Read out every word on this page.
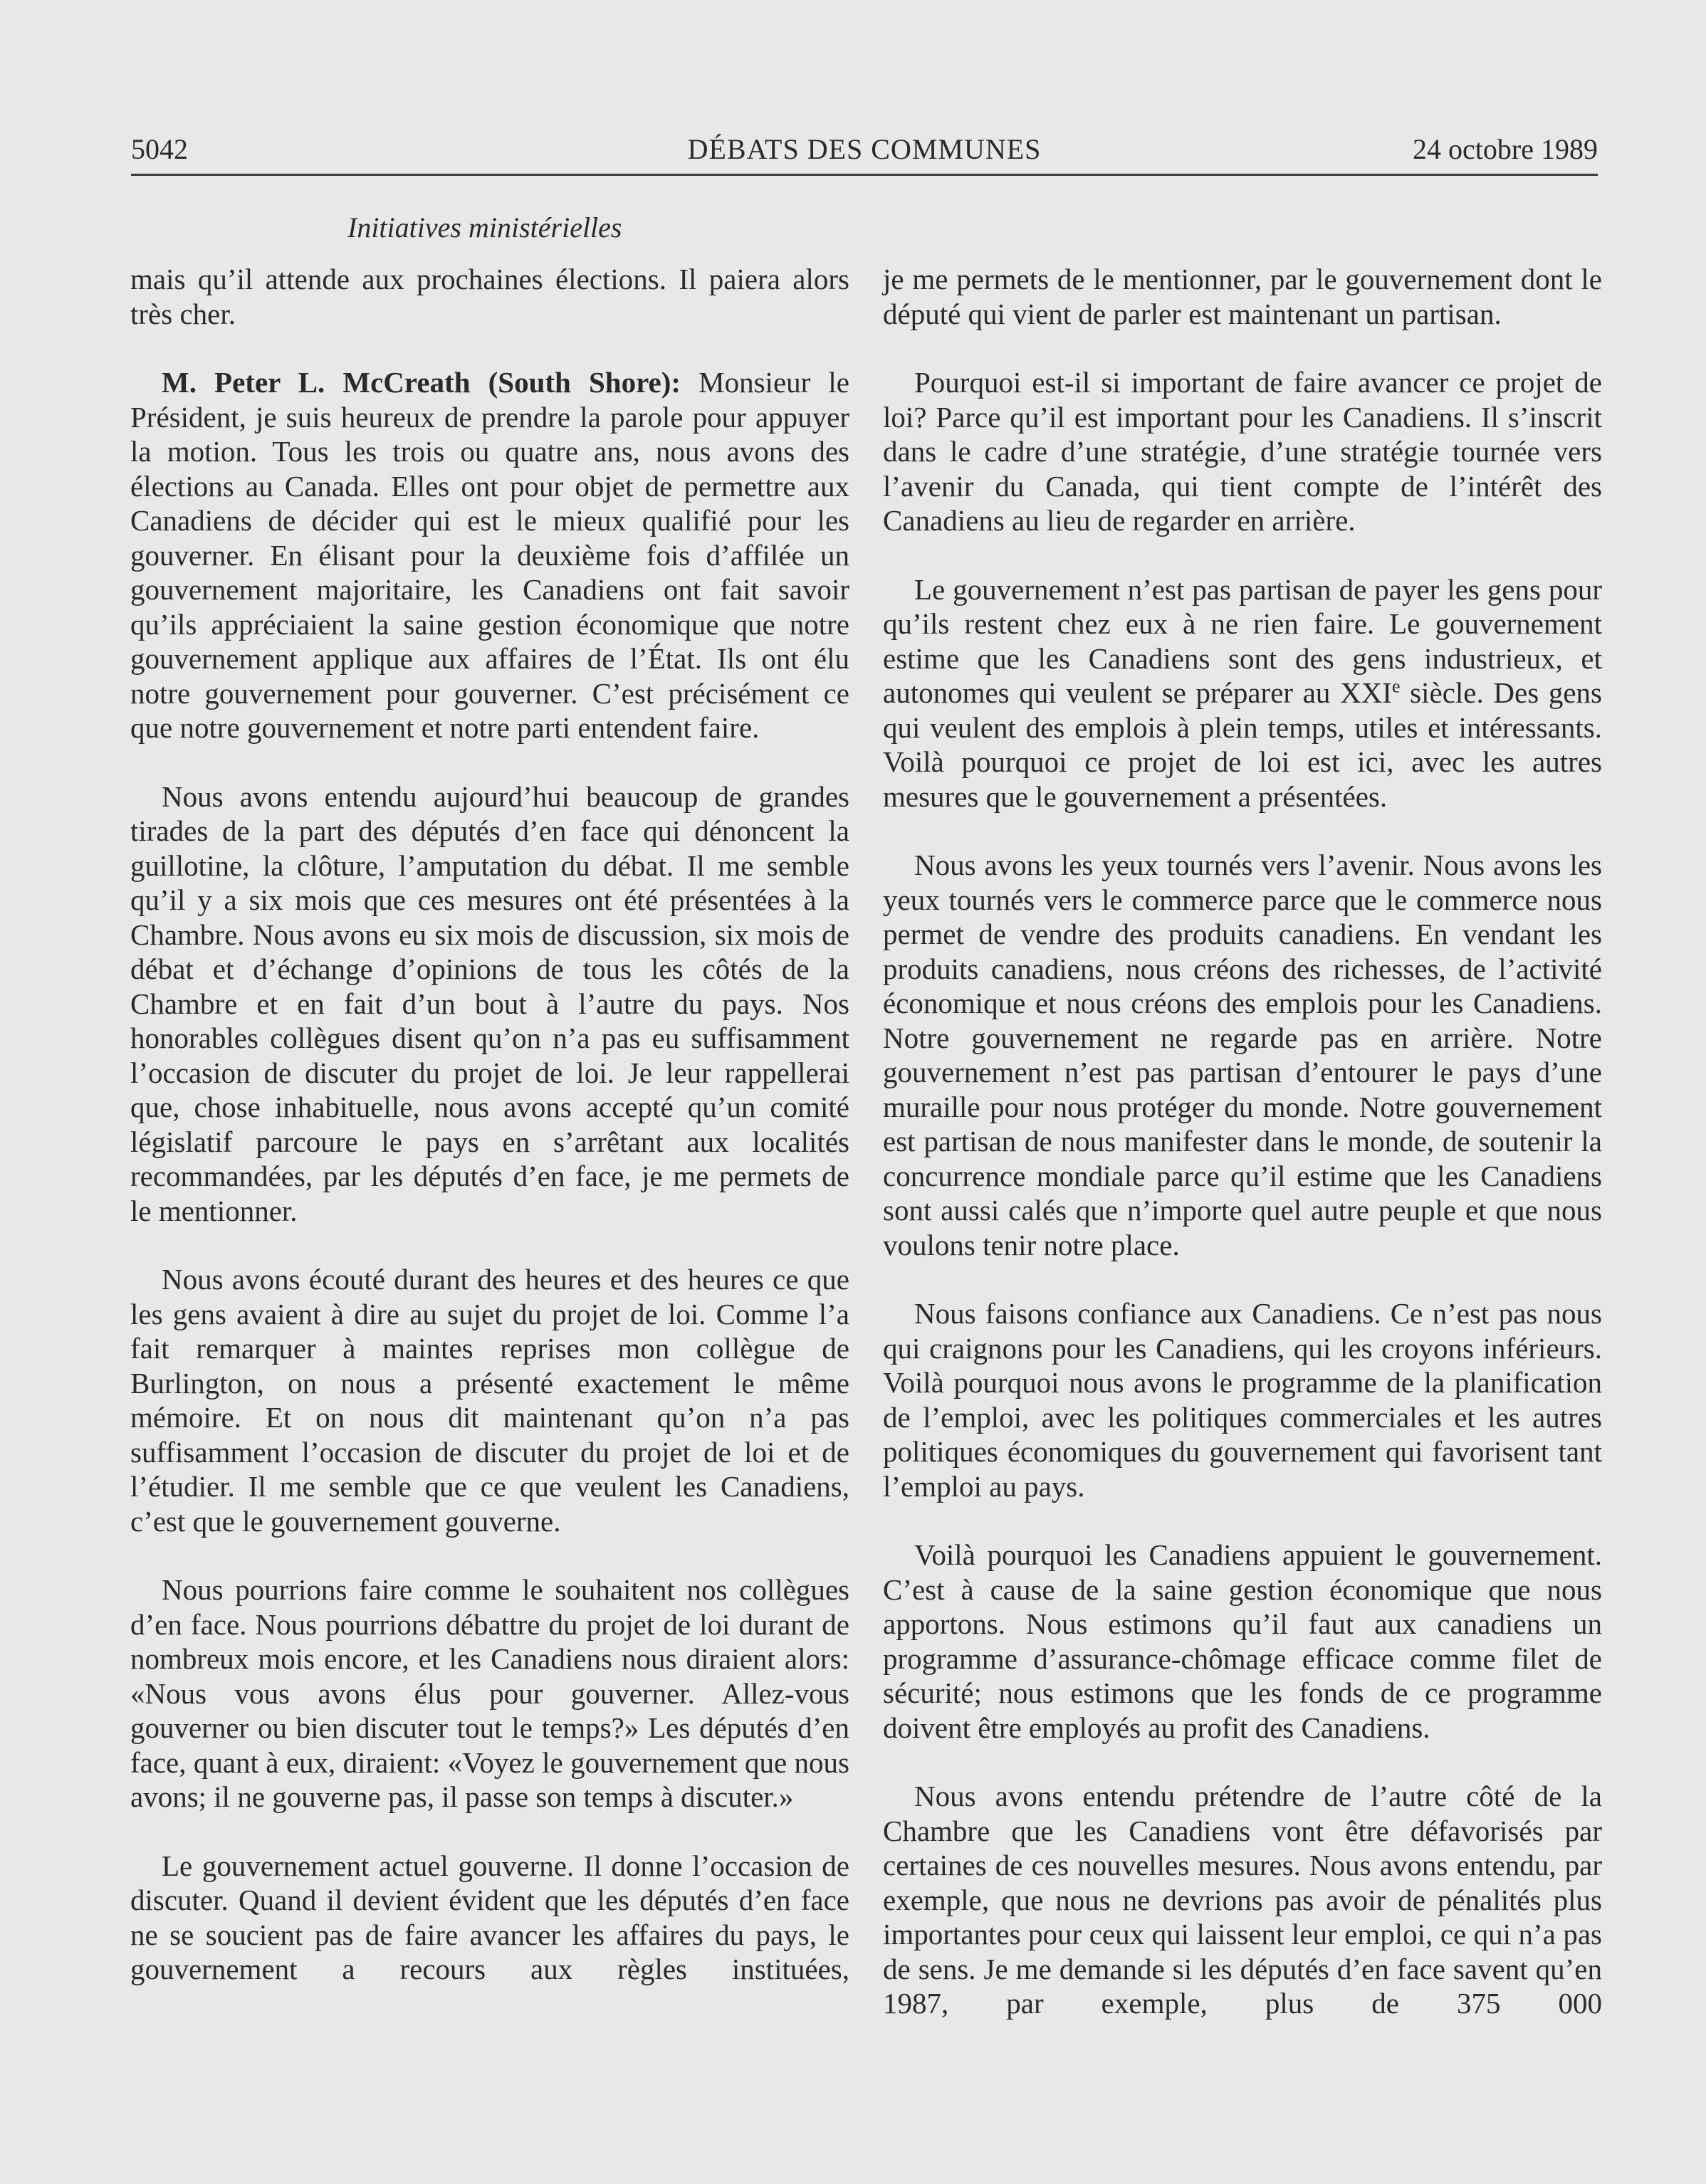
5042	DÉBATS DES COMMUNES	24 octobre 1989
Initiatives ministérielles

mais qu’il attende aux prochaines élections. Il paiera alors très cher.

M. Peter L. McCreath (South Shore): Monsieur le Président, je suis heureux de prendre la parole pour appuyer la motion. Tous les trois ou quatre ans, nous avons des élections au Canada. Elles ont pour objet de permettre aux Canadiens de décider qui est le mieux qualifié pour les gouverner. En élisant pour la deuxième fois d’affilée un gouvernement majoritaire, les Canadiens ont fait savoir qu’ils appréciaient la saine gestion économique que notre gouvernement applique aux affaires de l’État. Ils ont élu notre gouvernement pour gouverner. C’est précisément ce que notre gouvernement et notre parti entendent faire.

Nous avons entendu aujourd’hui beaucoup de grandes tirades de la part des députés d’en face qui dénoncent la guillotine, la clôture, l’amputation du débat. Il me semble qu’il y a six mois que ces mesures ont été présentées à la Chambre. Nous avons eu six mois de discussion, six mois de débat et d’échange d’opinions de tous les côtés de la Chambre et en fait d’un bout à l’autre du pays. Nos honorables collègues disent qu’on n’a pas eu suffisamment l’occasion de discuter du projet de loi. Je leur rappellerai que, chose inhabituelle, nous avons accepté qu’un comité législatif parcoure le pays en s’arrêtant aux localités recommandées, par les députés d’en face, je me permets de le mentionner.

Nous avons écouté durant des heures et des heures ce que les gens avaient à dire au sujet du projet de loi. Comme l’a fait remarquer à maintes reprises mon collègue de Burlington, on nous a présenté exactement le même mémoire. Et on nous dit maintenant qu’on n’a pas suffisamment l’occasion de discuter du projet de loi et de l’étudier. Il me semble que ce que veulent les Canadiens, c’est que le gouvernement gouverne.

Nous pourrions faire comme le souhaitent nos collègues d’en face. Nous pourrions débattre du projet de loi durant de nombreux mois encore, et les Canadiens nous diraient alors: «Nous vous avons élus pour gouverner. Allez-vous gouverner ou bien discuter tout le temps?» Les députés d’en face, quant à eux, diraient: «Voyez le gouvernement que nous avons; il ne gouverne pas, il passe son temps à discuter.»

Le gouvernement actuel gouverne. Il donne l’occasion de discuter. Quand il devient évident que les députés d’en face ne se soucient pas de faire avancer les affaires du pays, le gouvernement a recours aux règles instituées,

je me permets de le mentionner, par le gouvernement dont le député qui vient de parler est maintenant un partisan.

Pourquoi est-il si important de faire avancer ce projet de loi? Parce qu’il est important pour les Canadiens. Il s’inscrit dans le cadre d’une stratégie, d’une stratégie tournée vers l’avenir du Canada, qui tient compte de l’intérêt des Canadiens au lieu de regarder en arrière.

Le gouvernement n’est pas partisan de payer les gens pour qu’ils restent chez eux à ne rien faire. Le gouvernement estime que les Canadiens sont des gens industrieux, et autonomes qui veulent se préparer au XXIe siècle. Des gens qui veulent des emplois à plein temps, utiles et intéressants. Voilà pourquoi ce projet de loi est ici, avec les autres mesures que le gouvernement a présentées.

Nous avons les yeux tournés vers l’avenir. Nous avons les yeux tournés vers le commerce parce que le commerce nous permet de vendre des produits canadiens. En vendant les produits canadiens, nous créons des richesses, de l’activité économique et nous créons des emplois pour les Canadiens. Notre gouvernement ne regarde pas en arrière. Notre gouvernement n’est pas partisan d’entourer le pays d’une muraille pour nous protéger du monde. Notre gouvernement est partisan de nous manifester dans le monde, de soutenir la concurrence mondiale parce qu’il estime que les Canadiens sont aussi calés que n’importe quel autre peuple et que nous voulons tenir notre place.

Nous faisons confiance aux Canadiens. Ce n’est pas nous qui craignons pour les Canadiens, qui les croyons inférieurs. Voilà pourquoi nous avons le programme de la planification de l’emploi, avec les politiques commerciales et les autres politiques économiques du gouvernement qui favorisent tant l’emploi au pays.

Voilà pourquoi les Canadiens appuient le gouvernement. C’est à cause de la saine gestion économique que nous apportons. Nous estimons qu’il faut aux canadiens un programme d’assurance-chômage efficace comme filet de sécurité; nous estimons que les fonds de ce programme doivent être employés au profit des Canadiens.

Nous avons entendu prétendre de l’autre côté de la Chambre que les Canadiens vont être défavorisés par certaines de ces nouvelles mesures. Nous avons entendu, par exemple, que nous ne devrions pas avoir de pénalités plus importantes pour ceux qui laissent leur emploi, ce qui n’a pas de sens. Je me demande si les députés d’en face savent qu’en 1987, par exemple, plus de 375 000
